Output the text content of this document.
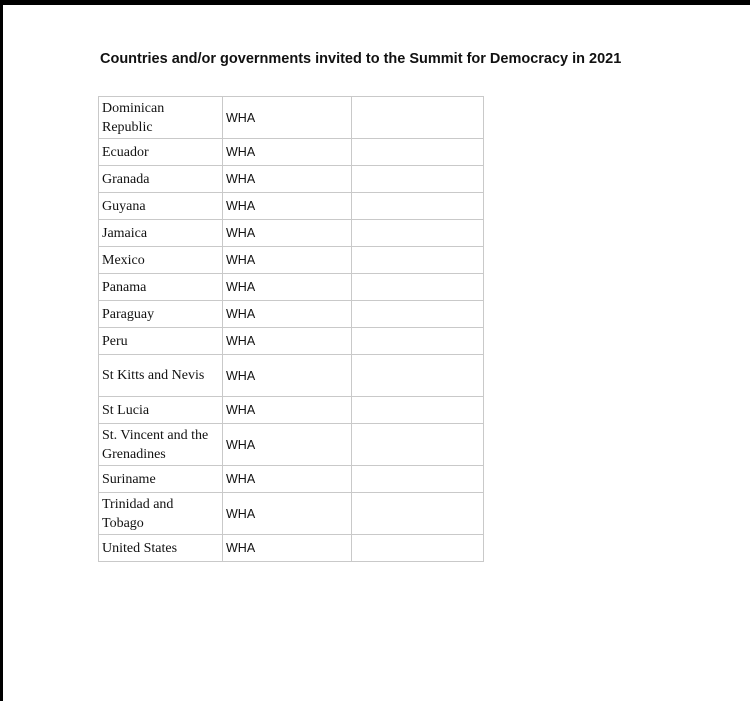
Countries and/or governments invited to the Summit for Democracy in 2021
Dominican Republic	WHA	
Ecuador	WHA	
Granada	WHA	
Guyana	WHA	
Jamaica	WHA	
Mexico	WHA	
Panama	WHA	
Paraguay	WHA	
Peru	WHA	
St Kitts and Nevis	WHA	
St Lucia	WHA	
St. Vincent and the Grenadines	WHA	
Suriname	WHA	
Trinidad and Tobago	WHA	
United States	WHA	
